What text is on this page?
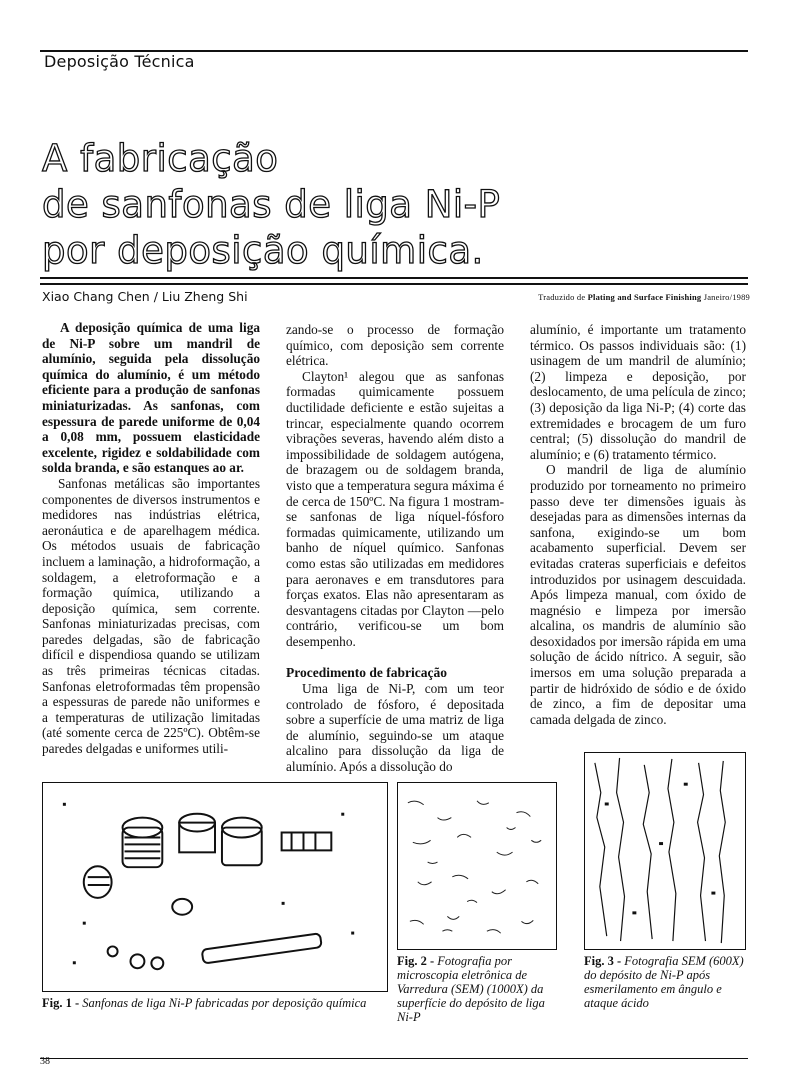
Deposição Técnica
A fabricação
de sanfonas de liga Ni-P
por deposição química.
Xiao Chang Chen / Liu Zheng Shi	Traduzido de Plating and Surface Finishing Janeiro/1989

A deposição química de uma liga de Ni-P sobre um mandril de alumínio, seguida pela dissolução química do alumínio, é um método eficiente para a produção de sanfonas miniaturizadas. As sanfonas, com espessura de parede uniforme de 0,04 a 0,08 mm, possuem elasticidade excelente, rigidez e soldabilidade com solda branda, e são estanques ao ar.

Sanfonas metálicas são importantes componentes de diversos instrumentos e medidores nas indústrias elétrica, aeronáutica e de aparelhagem médica. Os métodos usuais de fabricação incluem a laminação, a hidroformação, a soldagem, a eletroformação e a formação química, utilizando a deposição química, sem corrente. Sanfonas miniaturizadas precisas, com paredes delgadas, são de fabricação difícil e dispendiosa quando se utilizam as três primeiras técnicas citadas. Sanfonas eletroformadas têm propensão a espessuras de parede não uniformes e a temperaturas de utilização limitadas (até somente cerca de 225ºC). Obtêm-se paredes delgadas e uniformes utili-

zando-se o processo de formação químico, com deposição sem corrente elétrica.

Clayton¹ alegou que as sanfonas formadas quimicamente possuem ductilidade deficiente e estão sujeitas a trincar, especialmente quando ocorrem vibrações severas, havendo além disto a impossibilidade de soldagem autógena, de brazagem ou de soldagem branda, visto que a temperatura segura máxima é de cerca de 150ºC. Na figura 1 mostram-se sanfonas de liga níquel-fósforo formadas quimicamente, utilizando um banho de níquel químico. Sanfonas como estas são utilizadas em medidores para aeronaves e em transdutores para forças exatos. Elas não apresentaram as desvantagens citadas por Clayton —pelo contrário, verificou-se um bom desempenho.

Procedimento de fabricação

Uma liga de Ni-P, com um teor controlado de fósforo, é depositada sobre a superfície de uma matriz de liga de alumínio, seguindo-se um ataque alcalino para dissolução da liga de alumínio. Após a dissolução do

alumínio, é importante um tratamento térmico. Os passos individuais são: (1) usinagem de um mandril de alumínio; (2) limpeza e deposição, por deslocamento, de uma película de zinco; (3) deposição da liga Ni-P; (4) corte das extremidades e brocagem de um furo central; (5) dissolução do mandril de alumínio; e (6) tratamento térmico.

O mandril de liga de alumínio produzido por torneamento no primeiro passo deve ter dimensões iguais às desejadas para as dimensões internas da sanfona, exigindo-se um bom acabamento superficial. Devem ser evitadas crateras superficiais e defeitos introduzidos por usinagem descuidada. Após limpeza manual, com óxido de magnésio e limpeza por imersão alcalina, os mandris de alumínio são desoxidados por imersão rápida em uma solução de ácido nítrico. A seguir, são imersos em uma solução preparada a partir de hidróxido de sódio e de óxido de zinco, a fim de depositar uma camada delgada de zinco.

Fig. 1 - Sanfonas de liga Ni-P fabricadas por deposição química
Fig. 2 - Fotografia por microscopia eletrônica de Varredura (SEM) (1000X) da superfície do depósito de liga Ni-P
Fig. 3 - Fotografia SEM (600X) do depósito de Ni-P após esmerilamento em ângulo e ataque ácido
38
